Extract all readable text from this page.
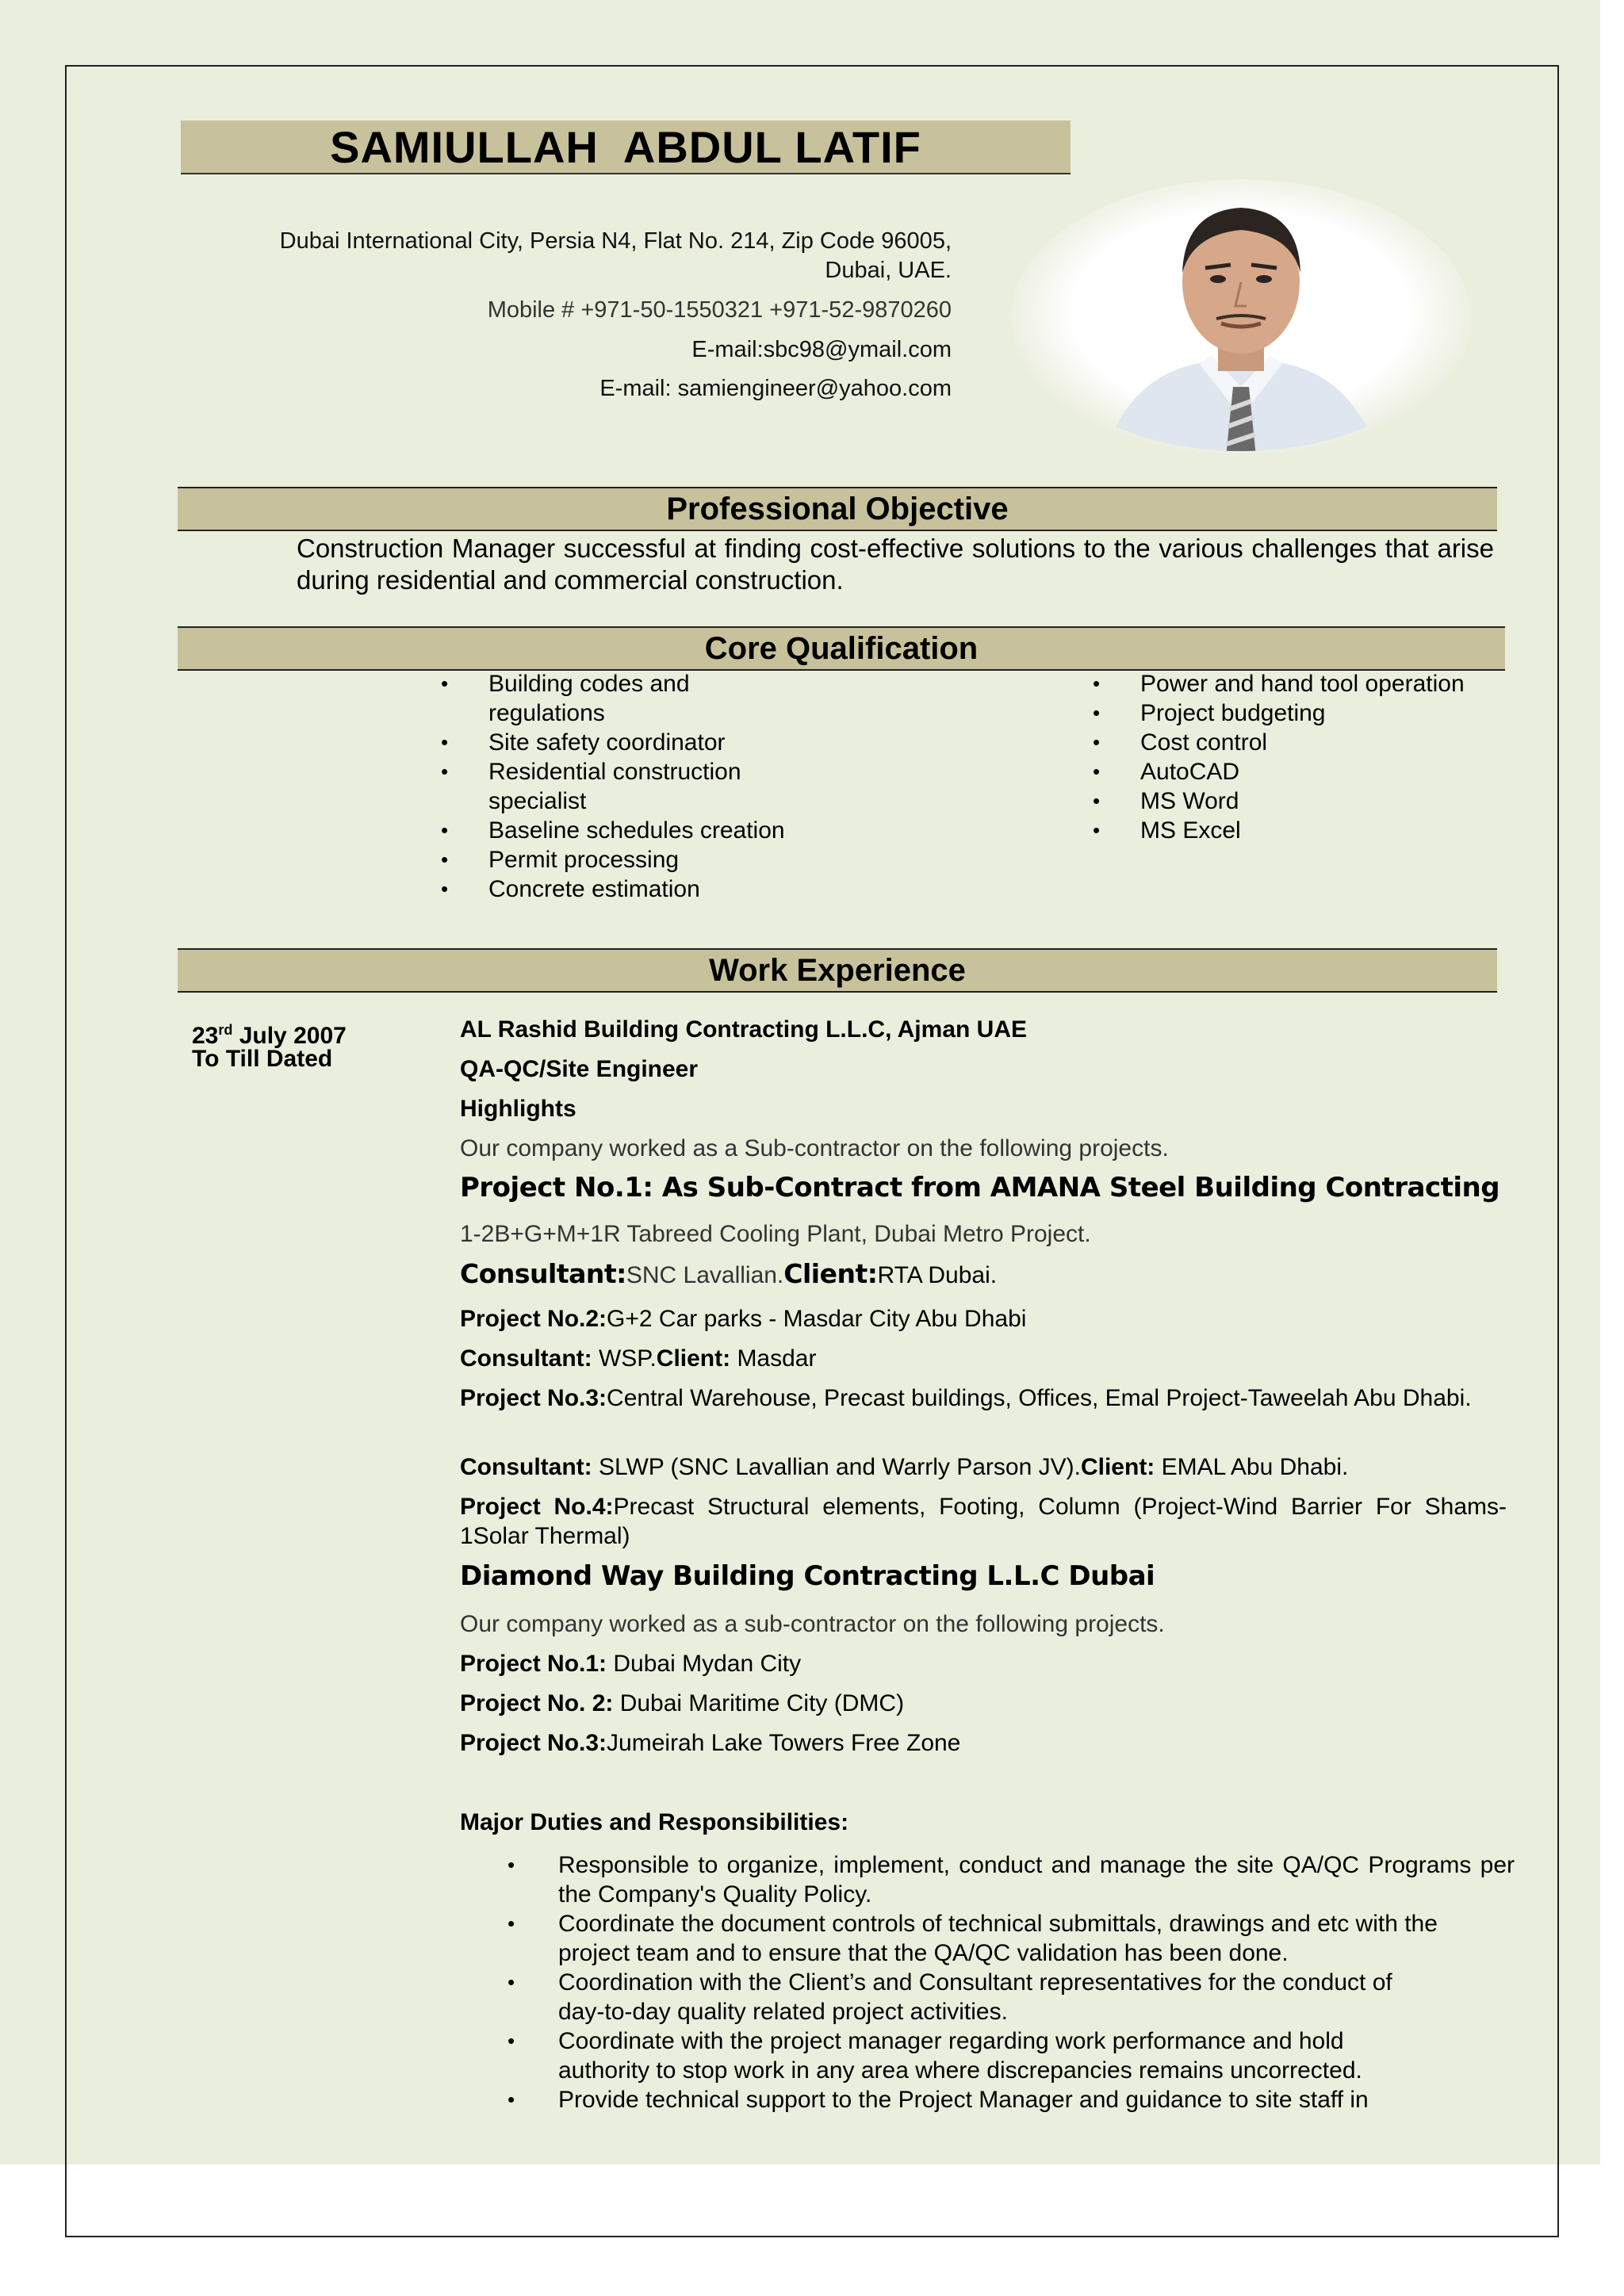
SAMIULLAH  ABDUL LATIF
Dubai International City, Persia N4, Flat No. 214, Zip Code 96005,
Dubai, UAE.
Mobile # +971-50-1550321 +971-52-9870260
E-mail:sbc98@ymail.com
E-mail: samiengineer@yahoo.com
Professional Objective
Construction Manager successful at finding cost-effective solutions to the various challenges that arise during residential and commercial construction.
Core Qualification
• Building codes and regulations
• Site safety coordinator
• Residential construction specialist
• Baseline schedules creation
• Permit processing
• Concrete estimation
• Power and hand tool operation
• Project budgeting
• Cost control
• AutoCAD
• MS Word
• MS Excel
Work Experience
23rd July 2007
To Till Dated
AL Rashid Building Contracting L.L.C, Ajman UAE
QA-QC/Site Engineer
Highlights
Our company worked as a Sub-contractor on the following projects.
Project No.1: As Sub-Contract from AMANA Steel Building Contracting
1-2B+G+M+1R Tabreed Cooling Plant, Dubai Metro Project.
Consultant:SNC Lavallian.Client:RTA Dubai.
Project No.2:G+2 Car parks - Masdar City Abu Dhabi
Consultant: WSP.Client: Masdar
Project No.3:Central Warehouse, Precast buildings, Offices, Emal Project-Taweelah Abu Dhabi.
Consultant: SLWP (SNC Lavallian and Warrly Parson JV).Client: EMAL Abu Dhabi.
Project No.4:Precast Structural elements, Footing, Column (Project-Wind Barrier For Shams-1Solar Thermal)
Diamond Way Building Contracting L.L.C Dubai
Our company worked as a sub-contractor on the following projects.
Project No.1: Dubai Mydan City
Project No. 2: Dubai Maritime City (DMC)
Project No.3:Jumeirah Lake Towers Free Zone
Major Duties and Responsibilities:
• Responsible to organize, implement, conduct and manage the site QA/QC Programs per the Company's Quality Policy.
• Coordinate the document controls of technical submittals, drawings and etc with the project team and to ensure that the QA/QC validation has been done.
• Coordination with the Client’s and Consultant representatives for the conduct of day-to-day quality related project activities.
• Coordinate with the project manager regarding work performance and hold authority to stop work in any area where discrepancies remains uncorrected.
• Provide technical support to the Project Manager and guidance to site staff in
